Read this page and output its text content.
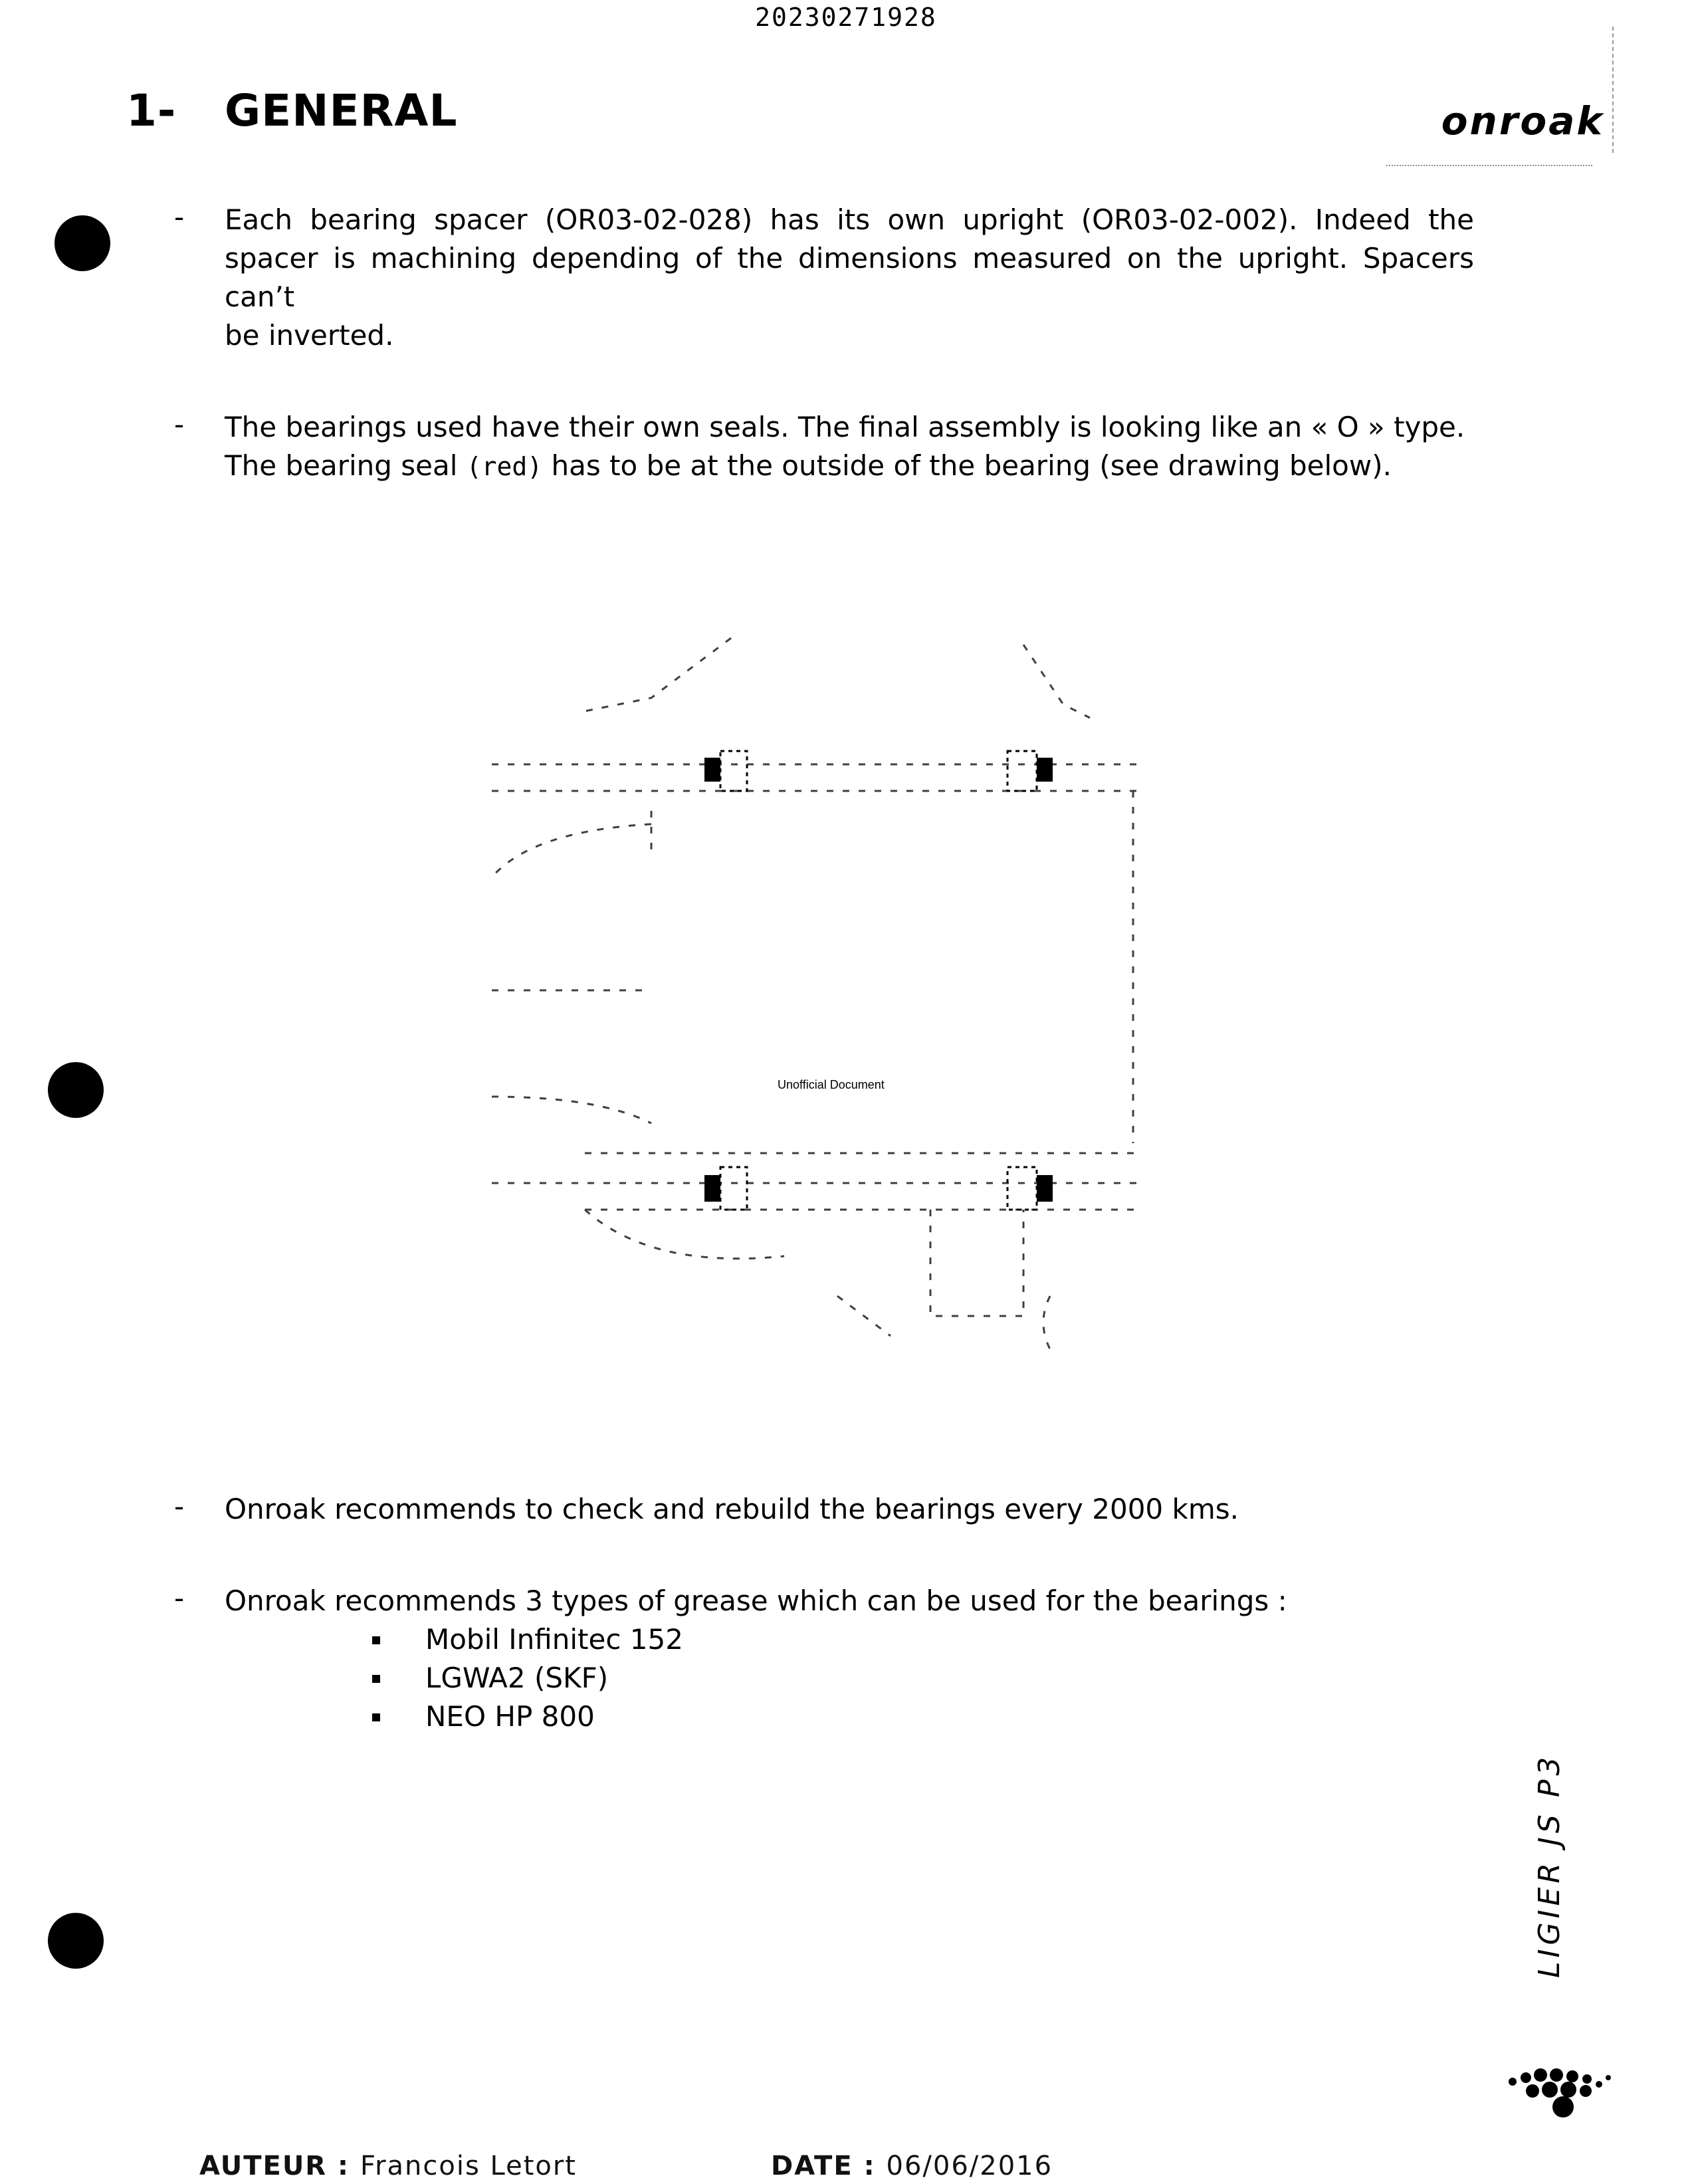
20230271928
1- GENERAL	onroak
- Each bearing spacer (OR03-02-028) has its own upright (OR03-02-002). Indeed the
spacer is machining depending of the dimensions measured on the upright. Spacers can’t
be inverted.
- The bearings used have their own seals. The final assembly is looking like an « O » type.
The bearing seal (red) has to be at the outside of the bearing (see drawing below).
Unofficial Document
- Onroak recommends to check and rebuild the bearings every 2000 kms.
- Onroak recommends 3 types of grease which can be used for the bearings :
Mobil Infinitec 152
LGWA2 (SKF)
NEO HP 800
LIGIER JS P3
AUTEUR : Francois Letort	DATE : 06/06/2016
